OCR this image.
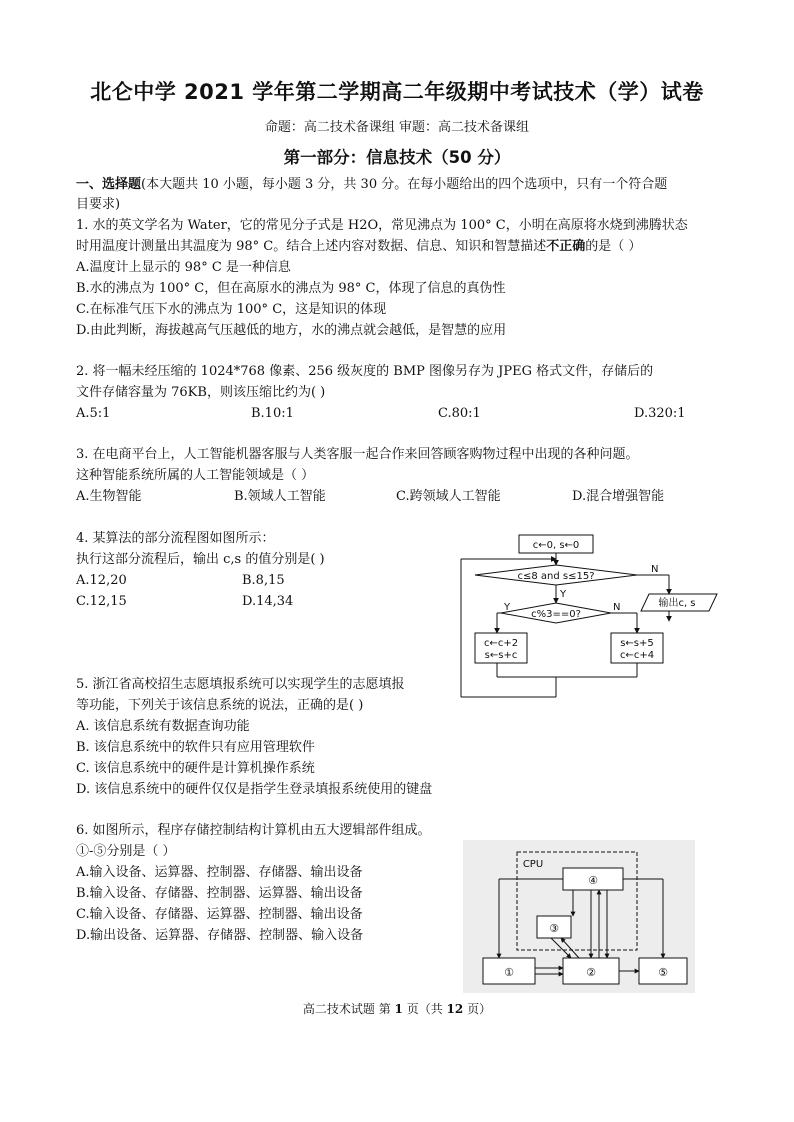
北仑中学 2021 学年第二学期高二年级期中考试技术（学）试卷
命题：高二技术备课组 审题：高二技术备课组
第一部分：信息技术（50 分）
一、选择题(本大题共 10 小题，每小题 3 分，共 30 分。在每小题给出的四个选项中，只有一个符合题
目要求)
1. 水的英文学名为 Water，它的常见分子式是 H2O，常见沸点为 100° C，小明在高原将水烧到沸腾状态
时用温度计测量出其温度为 98° C。结合上述内容对数据、信息、知识和智慧描述不正确的是（ ）
A.温度计上显示的 98° C 是一种信息
B.水的沸点为 100° C，但在高原水的沸点为 98° C，体现了信息的真伪性
C.在标准气压下水的沸点为 100° C，这是知识的体现
D.由此判断，海拔越高气压越低的地方，水的沸点就会越低，是智慧的应用
2. 将一幅未经压缩的 1024*768 像素、256 级灰度的 BMP 图像另存为 JPEG 格式文件，存储后的
文件存储容量为 76KB，则该压缩比约为( )
A.5:1	B.10:1	C.80:1	D.320:1
3. 在电商平台上，人工智能机器客服与人类客服一起合作来回答顾客购物过程中出现的各种问题。
这种智能系统所属的人工智能领域是（ ）
A.生物智能	B.领域人工智能	C.跨领域人工智能	D.混合增强智能
4. 某算法的部分流程图如图所示：
执行这部分流程后，输出 c,s 的值分别是( )
A.12,20	B.8,15
C.12,15	D.14,34
c←0, s←0
c≤8 and s≤15?
N
输出c, s
Y
c%3==0?
Y	N
c←c+2
s←s+c
s←s+5
c←c+4
5. 浙江省高校招生志愿填报系统可以实现学生的志愿填报
等功能，下列关于该信息系统的说法，正确的是( )
A. 该信息系统有数据查询功能
B. 该信息系统中的软件只有应用管理软件
C. 该信息系统中的硬件是计算机操作系统
D. 该信息系统中的硬件仅仅是指学生登录填报系统使用的键盘
6. 如图所示，程序存储控制结构计算机由五大逻辑部件组成。
①-⑤分别是（ ）
A.输入设备、运算器、控制器、存储器、输出设备
B.输入设备、存储器、控制器、运算器、输出设备
C.输入设备、存储器、运算器、控制器、输出设备
D.输出设备、运算器、存储器、控制器、输入设备
CPU
④
③
①	②	⑤
高二技术试题 第 1 页（共 12 页）
